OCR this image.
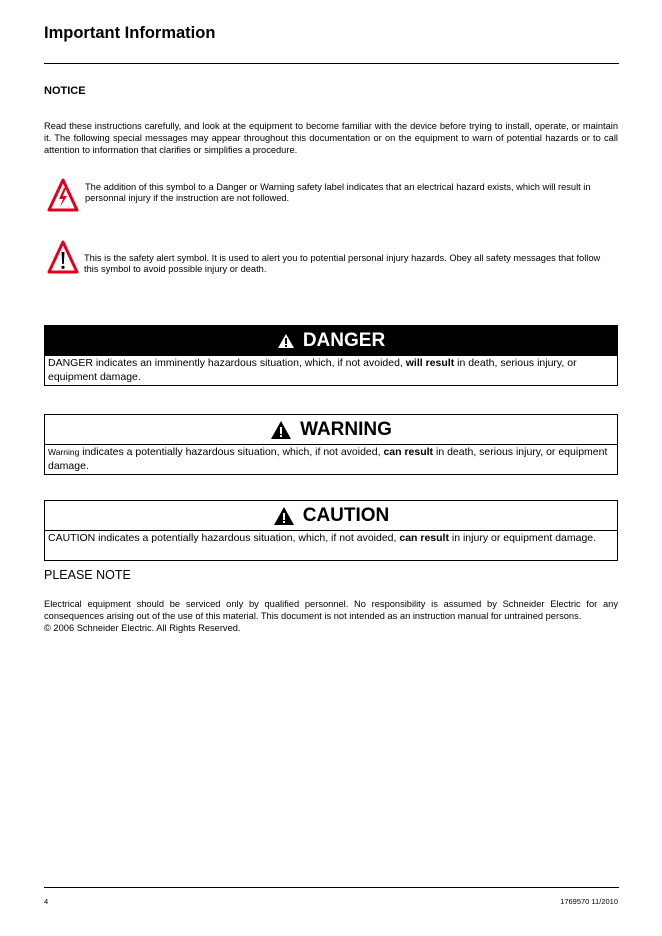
Important Information
NOTICE
Read these instructions carefully, and look at the equipment to become familiar with the device before trying to install, operate, or maintain it. The following special messages may appear throughout this documentation or on the equipment to warn of potential hazards or to call attention to information that clarifies or simplifies a procedure.
The addition of this symbol to a Danger or Warning safety label indicates that an electrical hazard exists, which will result in personnal injury if the instruction are not followed.
This is the safety alert symbol. It is used to alert you to potential personal injury hazards. Obey all safety messages that follow this symbol to avoid possible injury or death.
DANGER
DANGER indicates an imminently hazardous situation, which, if not avoided, will result in death, serious injury, or equipment damage.
WARNING
Warning indicates a potentially hazardous situation, which, if not avoided, can result in death, serious injury, or equipment damage.
CAUTION
CAUTION indicates a potentially hazardous situation, which, if not avoided, can result in injury or equipment damage.
PLEASE NOTE
Electrical equipment should be serviced only by qualified personnel. No responsibility is assumed by Schneider Electric for any consequences arising out of the use of this material. This document is not intended as an instruction manual for untrained persons.
© 2006 Schneider Electric. All Rights Reserved.
4	1769570 11/2010
